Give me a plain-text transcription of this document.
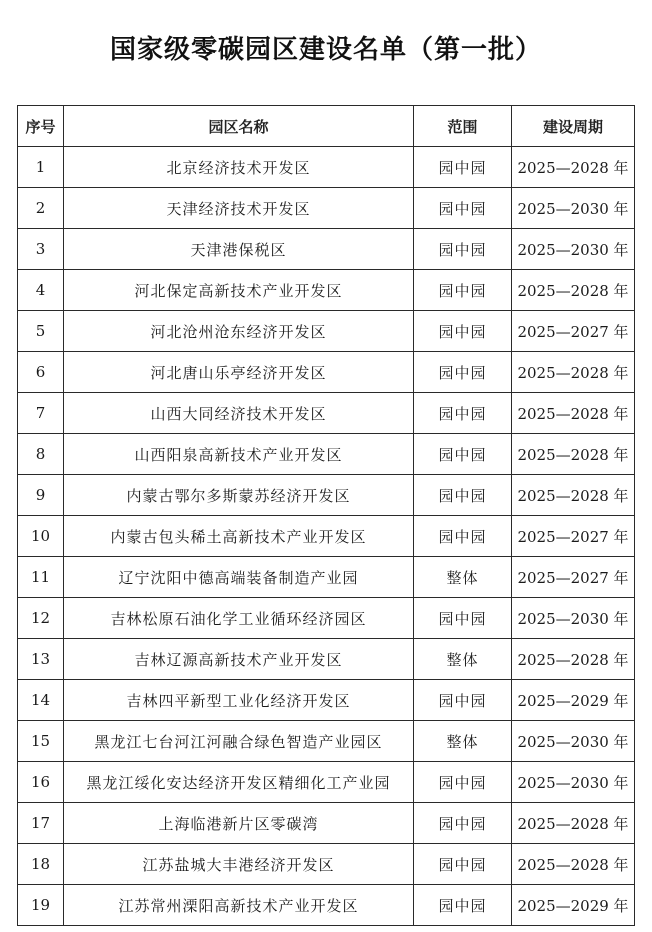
国家级零碳园区建设名单（第一批）
序号	园区名称	范围	建设周期
1	北京经济技术开发区	园中园	2025—2028 年
2	天津经济技术开发区	园中园	2025—2030 年
3	天津港保税区	园中园	2025—2030 年
4	河北保定高新技术产业开发区	园中园	2025—2028 年
5	河北沧州沧东经济开发区	园中园	2025—2027 年
6	河北唐山乐亭经济开发区	园中园	2025—2028 年
7	山西大同经济技术开发区	园中园	2025—2028 年
8	山西阳泉高新技术产业开发区	园中园	2025—2028 年
9	内蒙古鄂尔多斯蒙苏经济开发区	园中园	2025—2028 年
10	内蒙古包头稀土高新技术产业开发区	园中园	2025—2027 年
11	辽宁沈阳中德高端装备制造产业园	整体	2025—2027 年
12	吉林松原石油化学工业循环经济园区	园中园	2025—2030 年
13	吉林辽源高新技术产业开发区	整体	2025—2028 年
14	吉林四平新型工业化经济开发区	园中园	2025—2029 年
15	黑龙江七台河江河融合绿色智造产业园区	整体	2025—2030 年
16	黑龙江绥化安达经济开发区精细化工产业园	园中园	2025—2030 年
17	上海临港新片区零碳湾	园中园	2025—2028 年
18	江苏盐城大丰港经济开发区	园中园	2025—2028 年
19	江苏常州溧阳高新技术产业开发区	园中园	2025—2029 年
